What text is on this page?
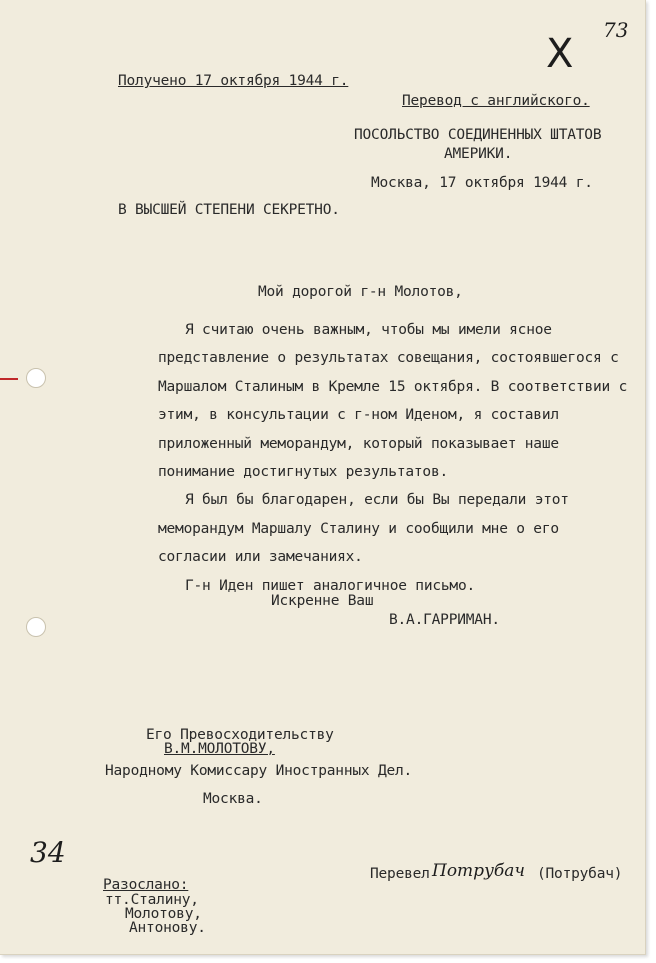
73
X
34
Получено 17 октября 1944 г.
Перевод с английского.
ПОСОЛЬСТВО СОЕДИНЕННЫХ ШТАТОВ
АМЕРИКИ.
Москва, 17 октября 1944 г.
В ВЫСШЕЙ СТЕПЕНИ СЕКРЕТНО.
Мой дорогой г-н Молотов,

Я считаю очень важным, чтобы мы имели ясное представление о результатах совещания, состоявшегося с Маршалом Сталиным в Кремле 15 октября. В соответствии с этим, в консультации с г-ном Иденом, я составил приложенный меморандум, который показывает наше понимание достигнутых результатов.

Я был бы благодарен, если бы Вы передали этот меморандум Маршалу Сталину и сообщили мне о его согласии или замечаниях.

Г-н Иден пишет аналогичное письмо.

Искренне Ваш
В.А.ГАРРИМАН.
Его Превосходительству
В.М.МОЛОТОВУ,
Народному Комиссару Иностранных Дел.
Москва.
Перевел Потрубач (Потрубач)
Разослано:
тт.Сталину,
Молотову,
Антонову.
